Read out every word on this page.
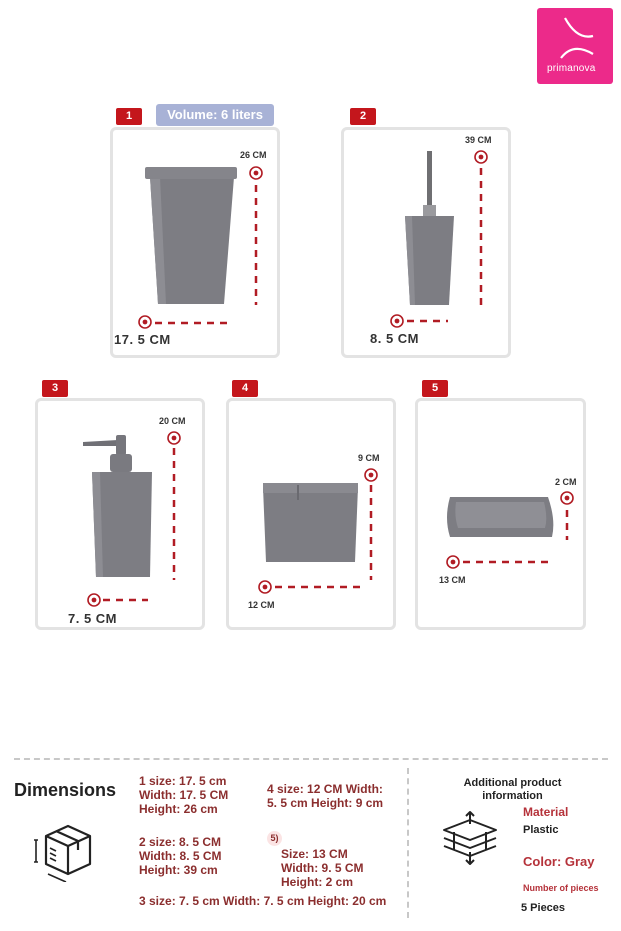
primanova
1	Volume: 6 liters
26 CM
17. 5 CM
2
39 CM
8. 5 CM
3
20 CM
7. 5 CM
4
9 CM
12 CM
5
2 CM
13 CM
Dimensions 1 size: 17. 5 cm
Width: 17. 5 CM
Height: 26 cm
2 size: 8. 5 CM
Width: 8. 5 CM
Height: 39 cm
3 size: 7. 5 cm Width: 7. 5 cm Height: 20 cm
4 size: 12 CM Width:
5. 5 cm Height: 9 cm
5)
Size: 13 CM
Width: 9. 5 CM
Height: 2 cm
Additional product
information
Material
Plastic
Color: Gray
Number of pieces
5 Pieces
